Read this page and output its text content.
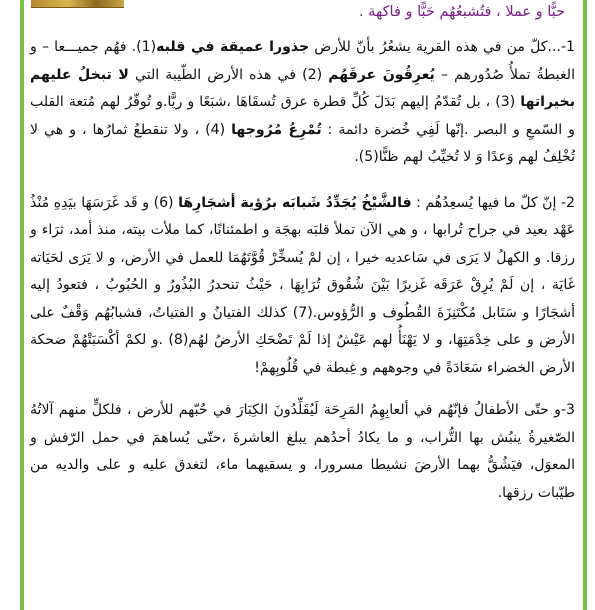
حبًّا و عملا ، فتُشبعُهُم حَبًّا و فاكهة .

1-...كلّ من في هذه القرية يشعُرُ بأنّ للأرض جذورا عميقة في قلبه(1). فهُم جميـــعا – و الغبطةُ تملأُ صُدُورهم – يُعرِقُونَ عرقَهُم (2) في هذه الأرض الطّيبة التي لا تبخلُ عليهم بخيراتها (3) ، بل تُقدّمُ إليهم بَدَلَ كُلِّ قطرة عرق تُسقَاهَا ،شبَعًا و ريًّا.و تُوفّرُ لهم مُتعة القلب و السّمعِ و البصر .إنّها لَفِي خُضرة دائمة : تُمْرِعُ مُرُوجها (4) ، ولا تنقطعُ ثمارُها ، و هي لا تُخْلِفُ لهم وَعدًا وَ لا تُخيِّبُ لهم ظنًّا(5).

2- إنّ كلّ ما فيها يُسعِدُهُم : فالشَّيْخُ يُجَدِّدُ شَبابَه برُؤية أشجَارِهَا (6) و قَد غَرَسَهَا بيَدِهِ مُنْذُ عَهْد بعيد في جراح تُرابها ، و هي الآن تملأ قلبَه بهجَة و اطمئنانًا، كما ملأت بيته، منذ أمد، ثرَاء و رزقا. و الكهلُ لا يَرَى في سَاعديه خيرا ، إن لمْ يُسخِّرْ قُوَّتَهُمَا للعمل في الأرض، و لا يَرَى لحَيَاته غَايَة ، إن لَمْ يُرِقْ عَرَقَه غَزيرًا بَيْنَ شُقُوق تُرَابِهَا ، حَيْثُ تنحدرُ البُذُورُ و الحُبُوبُ ، فتعودُ إليه أشجَارًا و سَنَابل مُكْتَنِزَةَ القُطُوف و الرُّؤوس.(7) كذلك الفتيانُ و الفتياتُ، فشبابُهُم وَقْفٌ على الأرض و على خِدْمَتِهَا، و لا يَهْنَأُ لهم عَيْشٌ إذا لَمْ تَضْحَكِ الأرضُ لهُم(8) .و لكمْ أكْسَبَتْهُمْ ضحكة الأرض الخضراء سَعَادَةً في وجوههم و غِبطة في قُلُوبِهمْ!

3-و حتّى الأطفالُ فإنّهُم في ألعابِهِمُ المَرِحَة لَيُقَلِّدُونَ الكِبَارَ في حُبّهم للأرض ، فلكلٍّ منهم آلاتُهُ الصّغيرةُ ينبُش بها التُّراب، و ما يكادُ أحدُهم يبلغ العاشرةَ ،حتّى يُساهمَ في حمل الرّفش و المعوَل، فيَشُقُّ بهما الأرضَ نشيطا مسرورا، و يسقيهما ماء، لتغدق عليه و على والديه من طيّبات رزقها.
